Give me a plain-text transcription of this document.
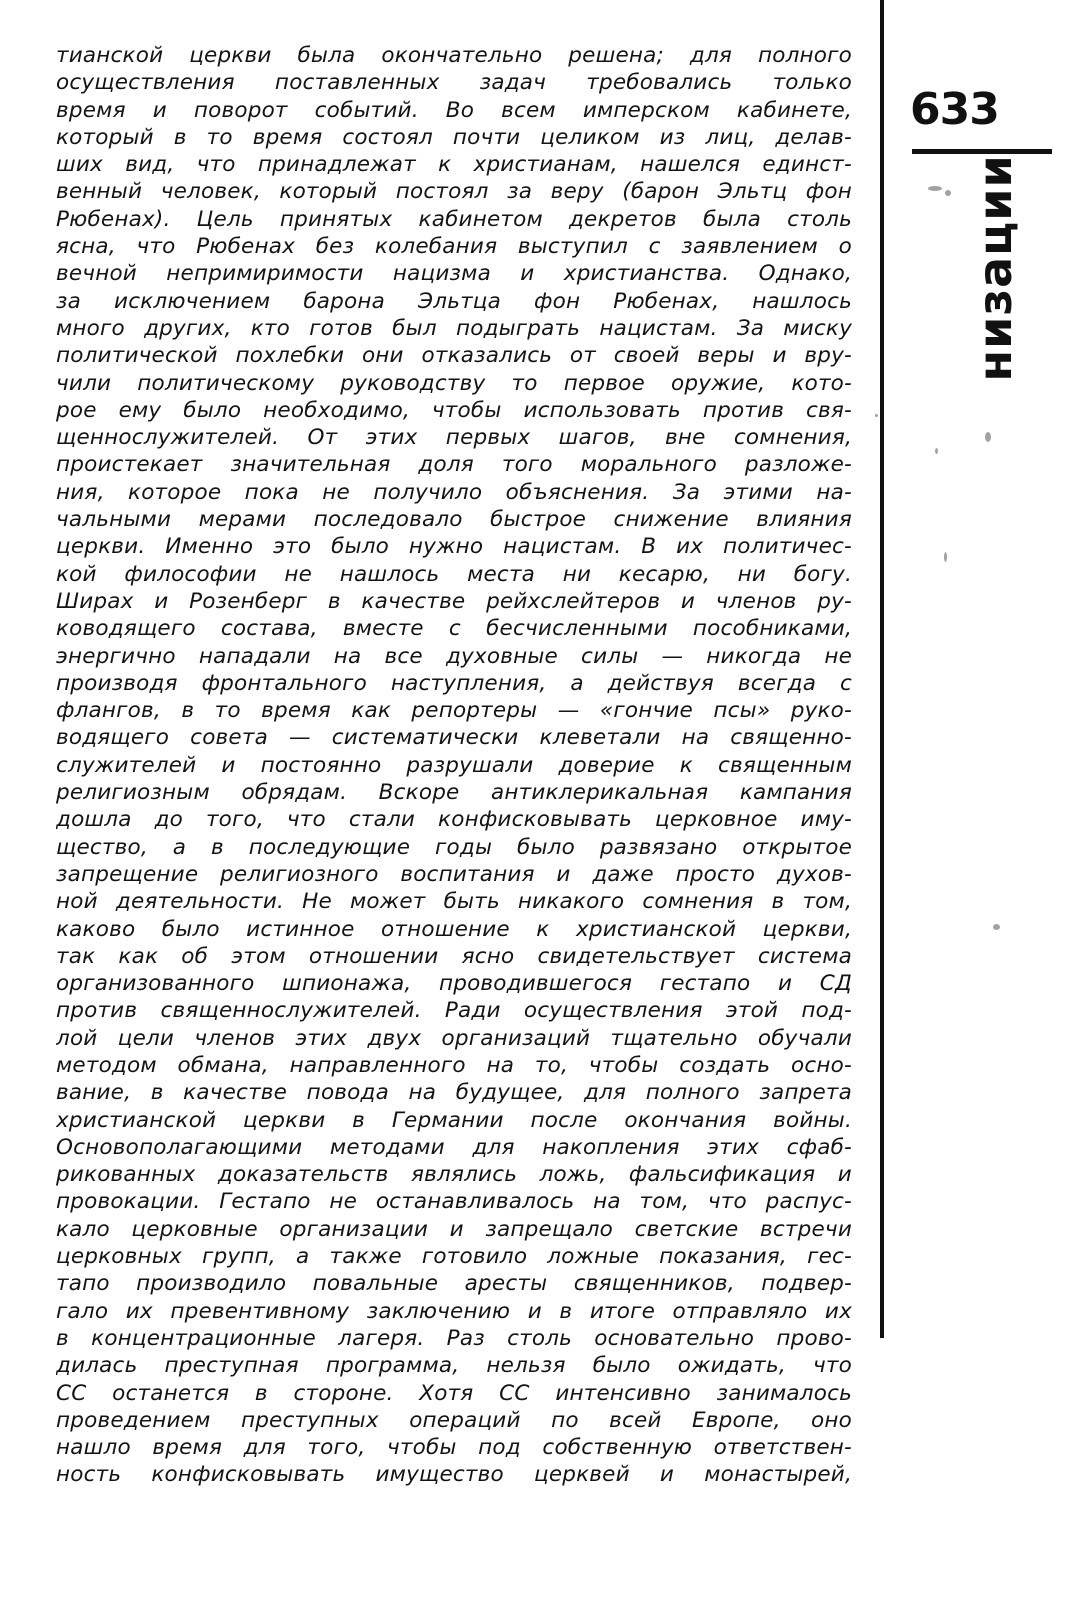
тианской церкви была окончательно решена; для полного
осуществления поставленных задач требовались только
время и поворот событий. Во всем имперском кабинете,
который в то время состоял почти целиком из лиц, делав-
ших вид, что принадлежат к христианам, нашелся единст-
венный человек, который постоял за веру (барон Эльтц фон
Рюбенах). Цель принятых кабинетом декретов была столь
ясна, что Рюбенах без колебания выступил с заявлением о
вечной непримиримости нацизма и христианства. Однако,
за исключением барона Эльтца фон Рюбенах, нашлось
много других, кто готов был подыграть нацистам. За миску
политической похлебки они отказались от своей веры и вру-
чили политическому руководству то первое оружие, кото-
рое ему было необходимо, чтобы использовать против свя-
щеннослужителей. От этих первых шагов, вне сомнения,
проистекает значительная доля того морального разложе-
ния, которое пока не получило объяснения. За этими на-
чальными мерами последовало быстрое снижение влияния
церкви. Именно это было нужно нацистам. В их политичес-
кой философии не нашлось места ни кесарю, ни богу.
Ширах и Розенберг в качестве рейхслейтеров и членов ру-
ководящего состава, вместе с бесчисленными пособниками,
энергично нападали на все духовные силы — никогда не
производя фронтального наступления, а действуя всегда с
флангов, в то время как репортеры — «гончие псы» руко-
водящего совета — систематически клеветали на священно-
служителей и постоянно разрушали доверие к священным
религиозным обрядам. Вскоре антиклерикальная кампания
дошла до того, что стали конфисковывать церковное иму-
щество, а в последующие годы было развязано открытое
запрещение религиозного воспитания и даже просто духов-
ной деятельности. Не может быть никакого сомнения в том,
каково было истинное отношение к христианской церкви,
так как об этом отношении ясно свидетельствует система
организованного шпионажа, проводившегося гестапо и СД
против священнослужителей. Ради осуществления этой под-
лой цели членов этих двух организаций тщательно обучали
методом обмана, направленного на то, чтобы создать осно-
вание, в качестве повода на будущее, для полного запрета
христианской церкви в Германии после окончания войны.
Основополагающими методами для накопления этих сфаб-
рикованных доказательств являлись ложь, фальсификация и
провокации. Гестапо не останавливалось на том, что распус-
кало церковные организации и запрещало светские встречи
церковных групп, а также готовило ложные показания, гес-
тапо производило повальные аресты священников, подвер-
гало их превентивному заключению и в итоге отправляло их
в концентрационные лагеря. Раз столь основательно прово-
дилась преступная программа, нельзя было ожидать, что
СС останется в стороне. Хотя СС интенсивно занималось
проведением преступных операций по всей Европе, оно
нашло время для того, чтобы под собственную ответствен-
ность конфисковывать имущество церквей и монастырей,
633
низации
